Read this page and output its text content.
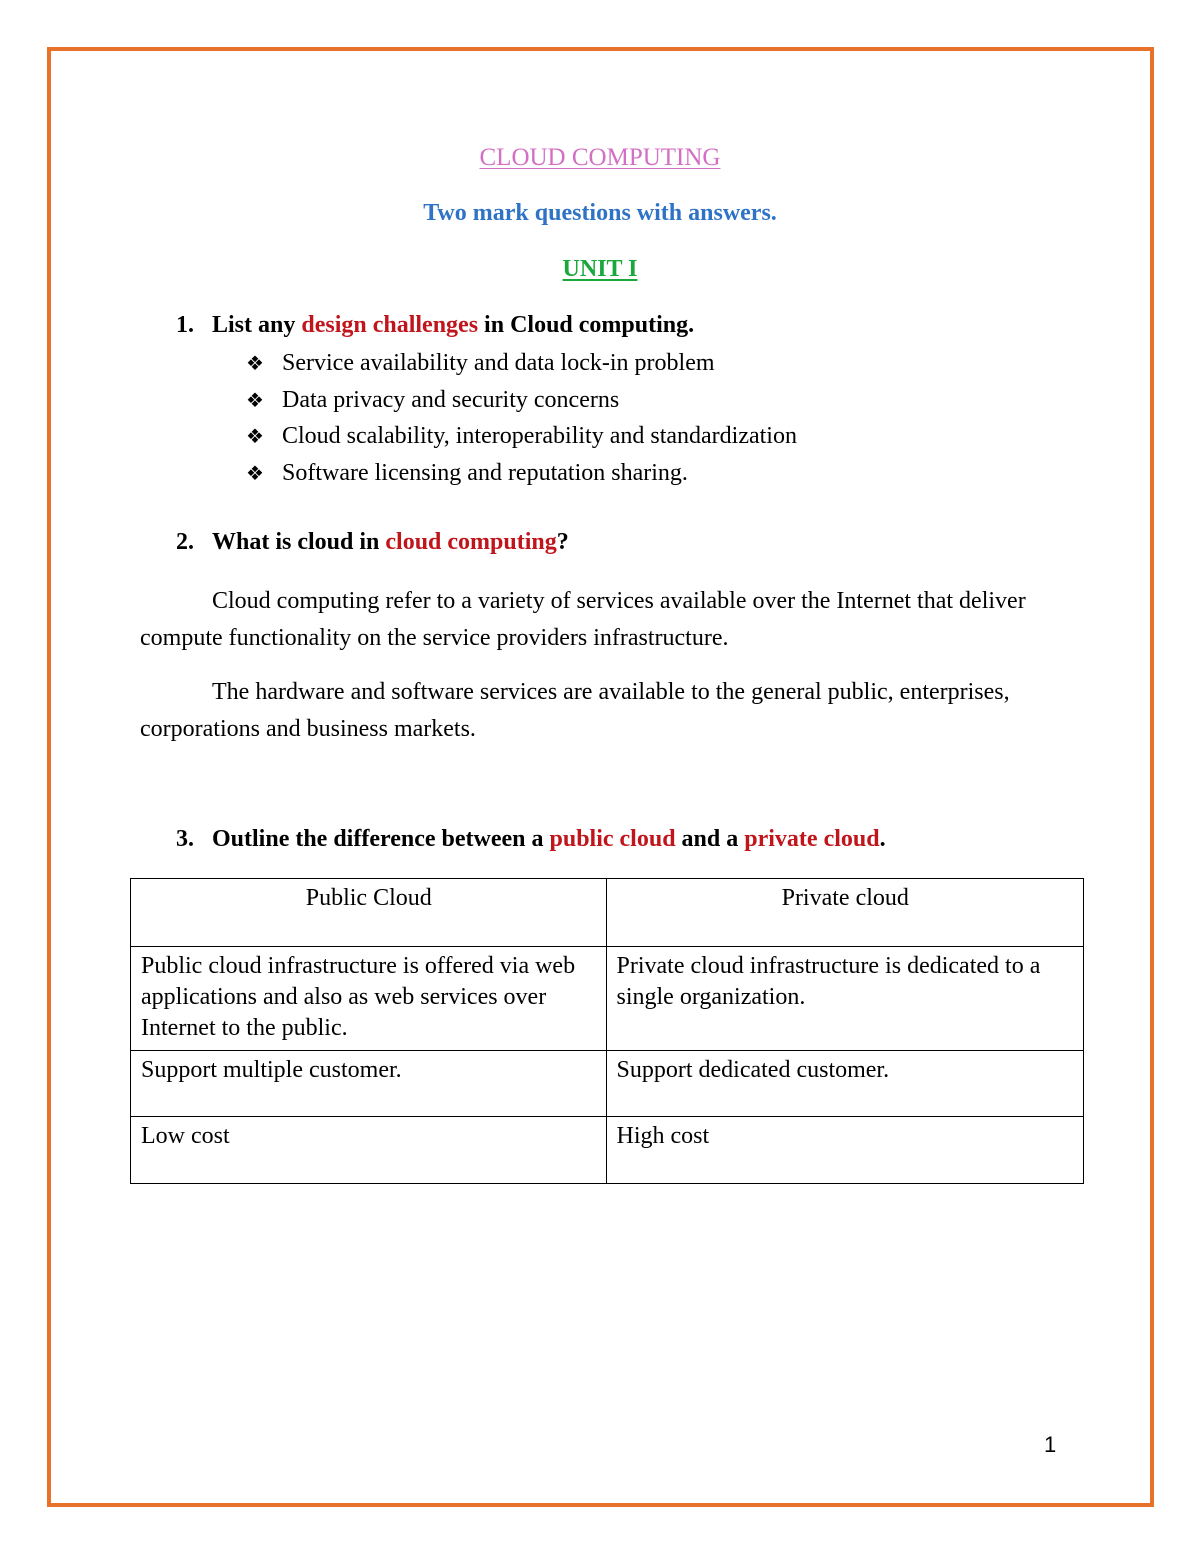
CLOUD COMPUTING
Two mark questions with answers.
UNIT I
1. List any design challenges in Cloud computing.
❖ Service availability and data lock-in problem
❖ Data privacy and security concerns
❖ Cloud scalability, interoperability and standardization
❖ Software licensing and reputation sharing.
2. What is cloud in cloud computing?

Cloud computing refer to a variety of services available over the Internet that deliver compute functionality on the service providers infrastructure.

The hardware and software services are available to the general public, enterprises, corporations and business markets.

3. Outline the difference between a public cloud and a private cloud.
Public Cloud	Private cloud
Public cloud infrastructure is offered via web applications and also as web services over Internet to the public.	Private cloud infrastructure is dedicated to a single organization.
Support multiple customer.	Support dedicated customer.
Low cost	High cost
1
